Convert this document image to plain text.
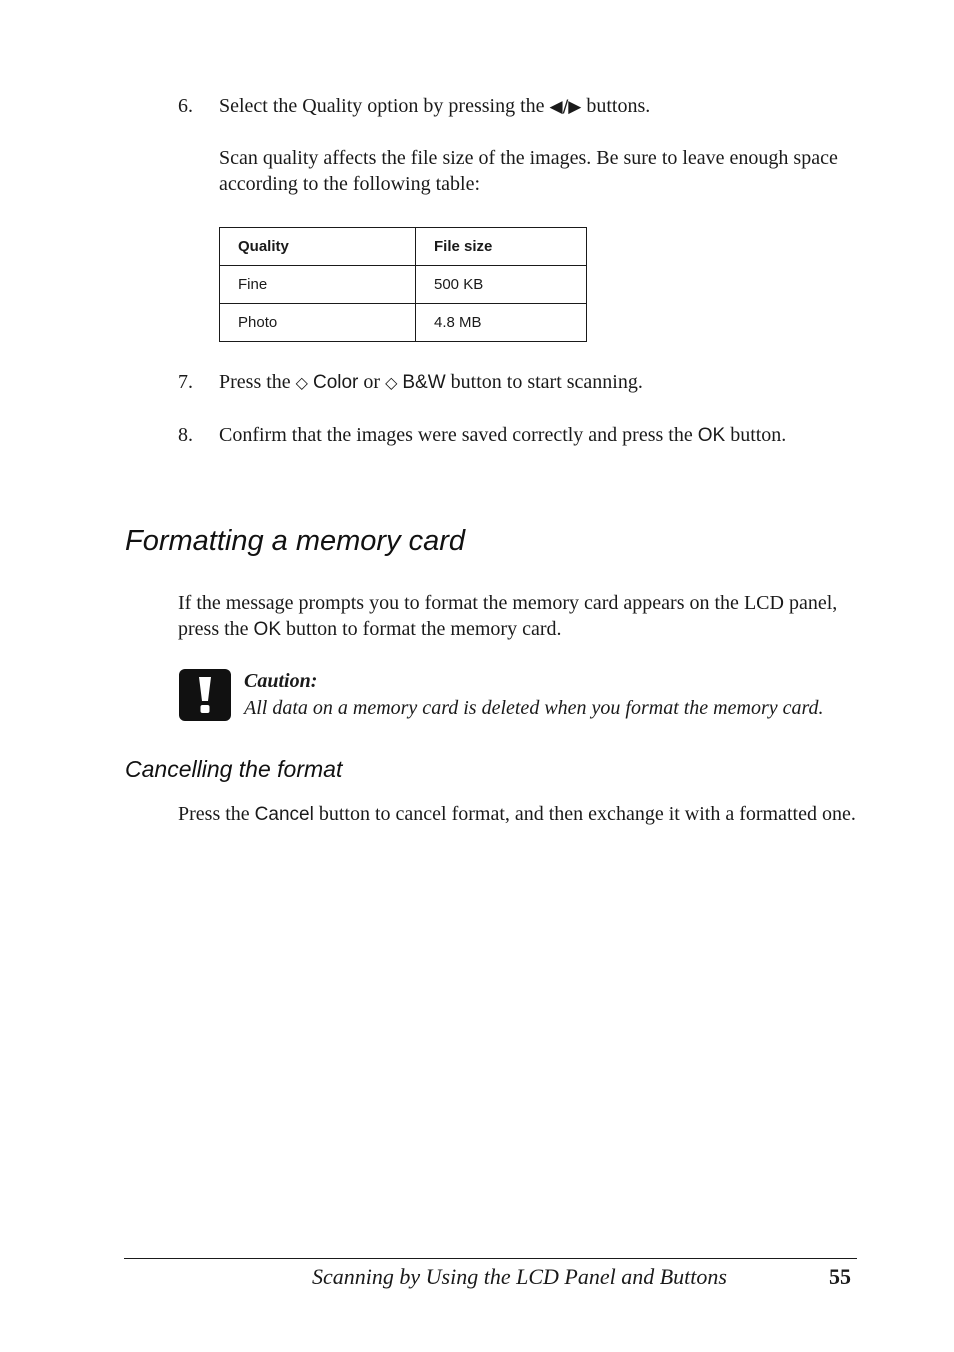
6. Select the Quality option by pressing the ◀/▶ buttons.
Scan quality affects the file size of the images. Be sure to leave enough space according to the following table:
Quality	File size
Fine	500 KB
Photo	4.8 MB
7. Press the ◇ Color or ◇ B&W button to start scanning.
8. Confirm that the images were saved correctly and press the OK button.
Formatting a memory card
If the message prompts you to format the memory card appears on the LCD panel, press the OK button to format the memory card.
Caution:
All data on a memory card is deleted when you format the memory card.
Cancelling the format
Press the Cancel button to cancel format, and then exchange it with a formatted one.
Scanning by Using the LCD Panel and Buttons	55
